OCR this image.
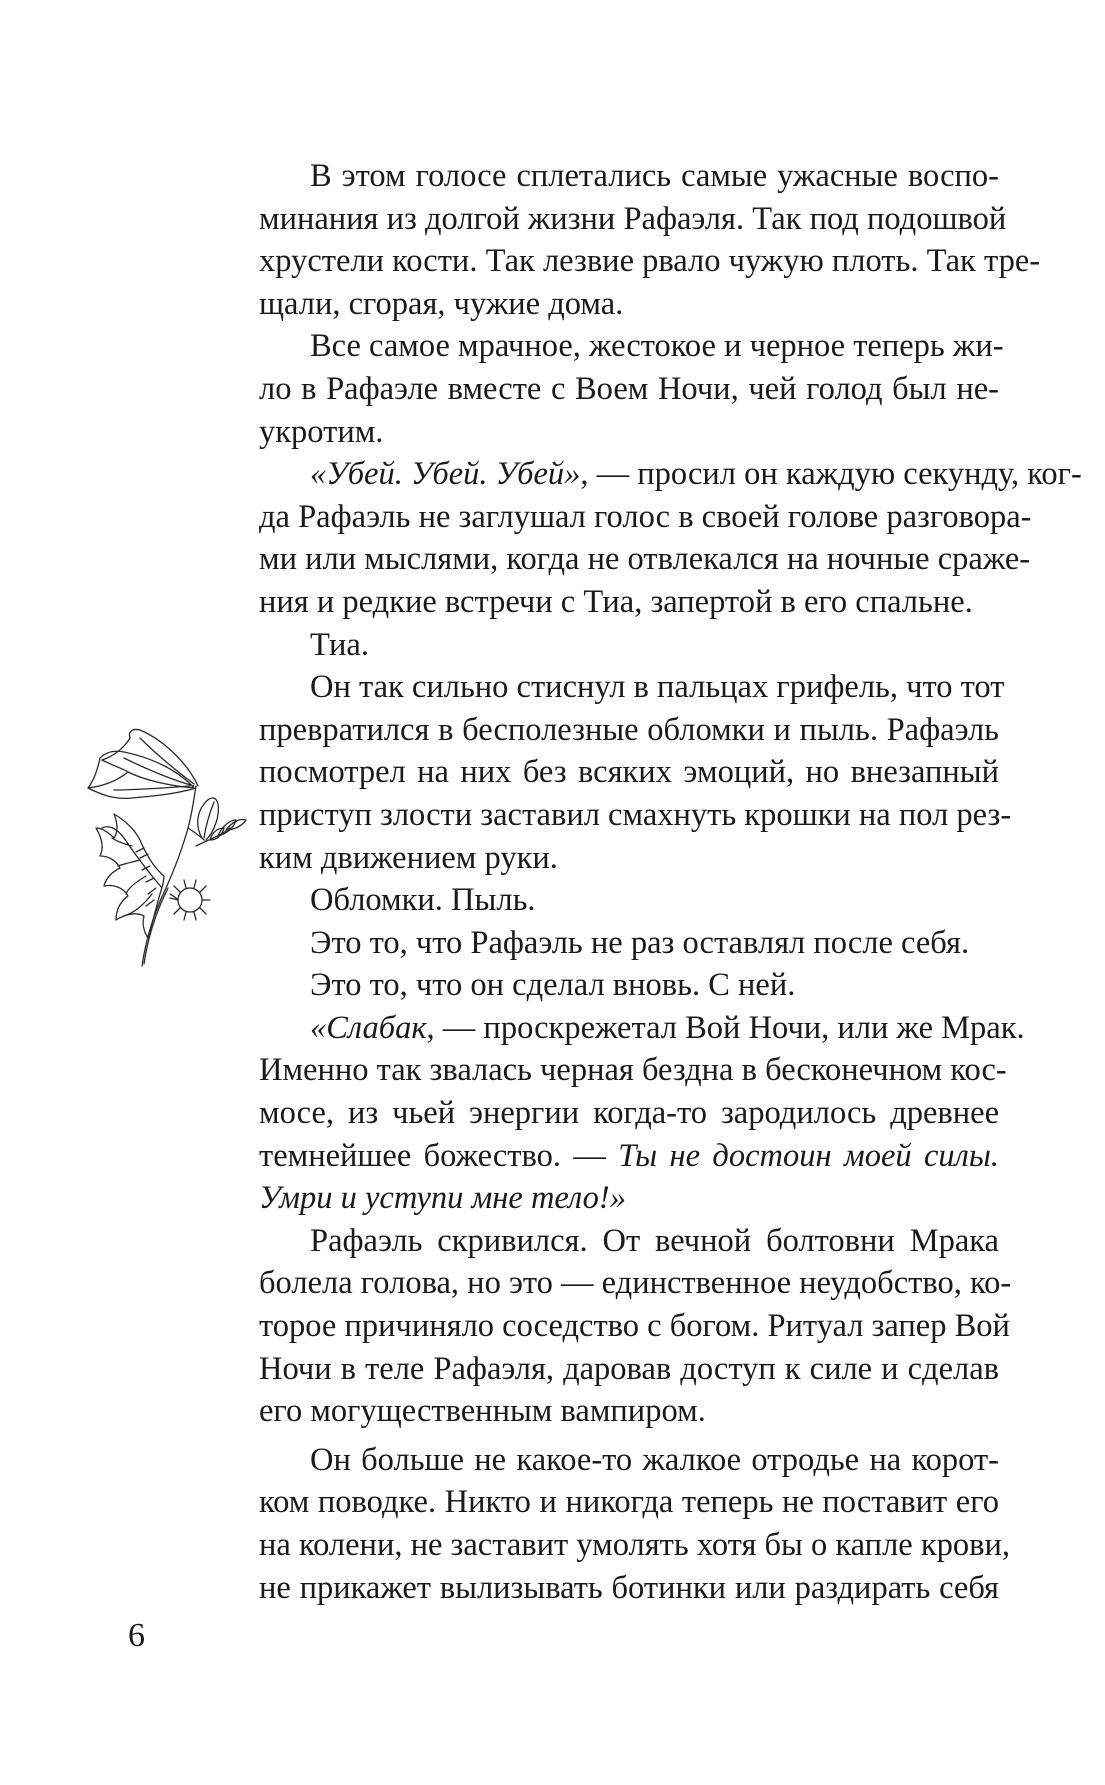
В этом голосе сплетались самые ужасные воспо-
минания из долгой жизни Рафаэля. Так под подошвой
хрустели кости. Так лезвие рвало чужую плоть. Так тре-
щали, сгорая, чужие дома.
Все самое мрачное, жестокое и черное теперь жи-
ло в Рафаэле вместе с Воем Ночи, чей голод был не-
укротим.
«Убей. Убей. Убей», — просил он каждую секунду, ког-
да Рафаэль не заглушал голос в своей голове разговора-
ми или мыслями, когда не отвлекался на ночные сраже-
ния и редкие встречи с Тиа, запертой в его спальне.
Тиа.
Он так сильно стиснул в пальцах грифель, что тот
превратился в бесполезные обломки и пыль. Рафаэль
посмотрел на них без всяких эмоций, но внезапный
приступ злости заставил смахнуть крошки на пол рез-
ким движением руки.
Обломки. Пыль.
Это то, что Рафаэль не раз оставлял после себя.
Это то, что он сделал вновь. С ней.
«Слабак, — проскрежетал Вой Ночи, или же Мрак.
Именно так звалась черная бездна в бесконечном кос-
мосе, из чьей энергии когда-то зародилось древнее
темнейшее божество. — Ты не достоин моей силы.
Умри и уступи мне тело!»
Рафаэль скривился. От вечной болтовни Мрака
болела голова, но это — единственное неудобство, ко-
торое причиняло соседство с богом. Ритуал запер Вой
Ночи в теле Рафаэля, даровав доступ к силе и сделав
его могущественным вампиром.
Он больше не какое-то жалкое отродье на корот-
ком поводке. Никто и никогда теперь не поставит его
на колени, не заставит умолять хотя бы о капле крови,
не прикажет вылизывать ботинки или раздирать себя
6
